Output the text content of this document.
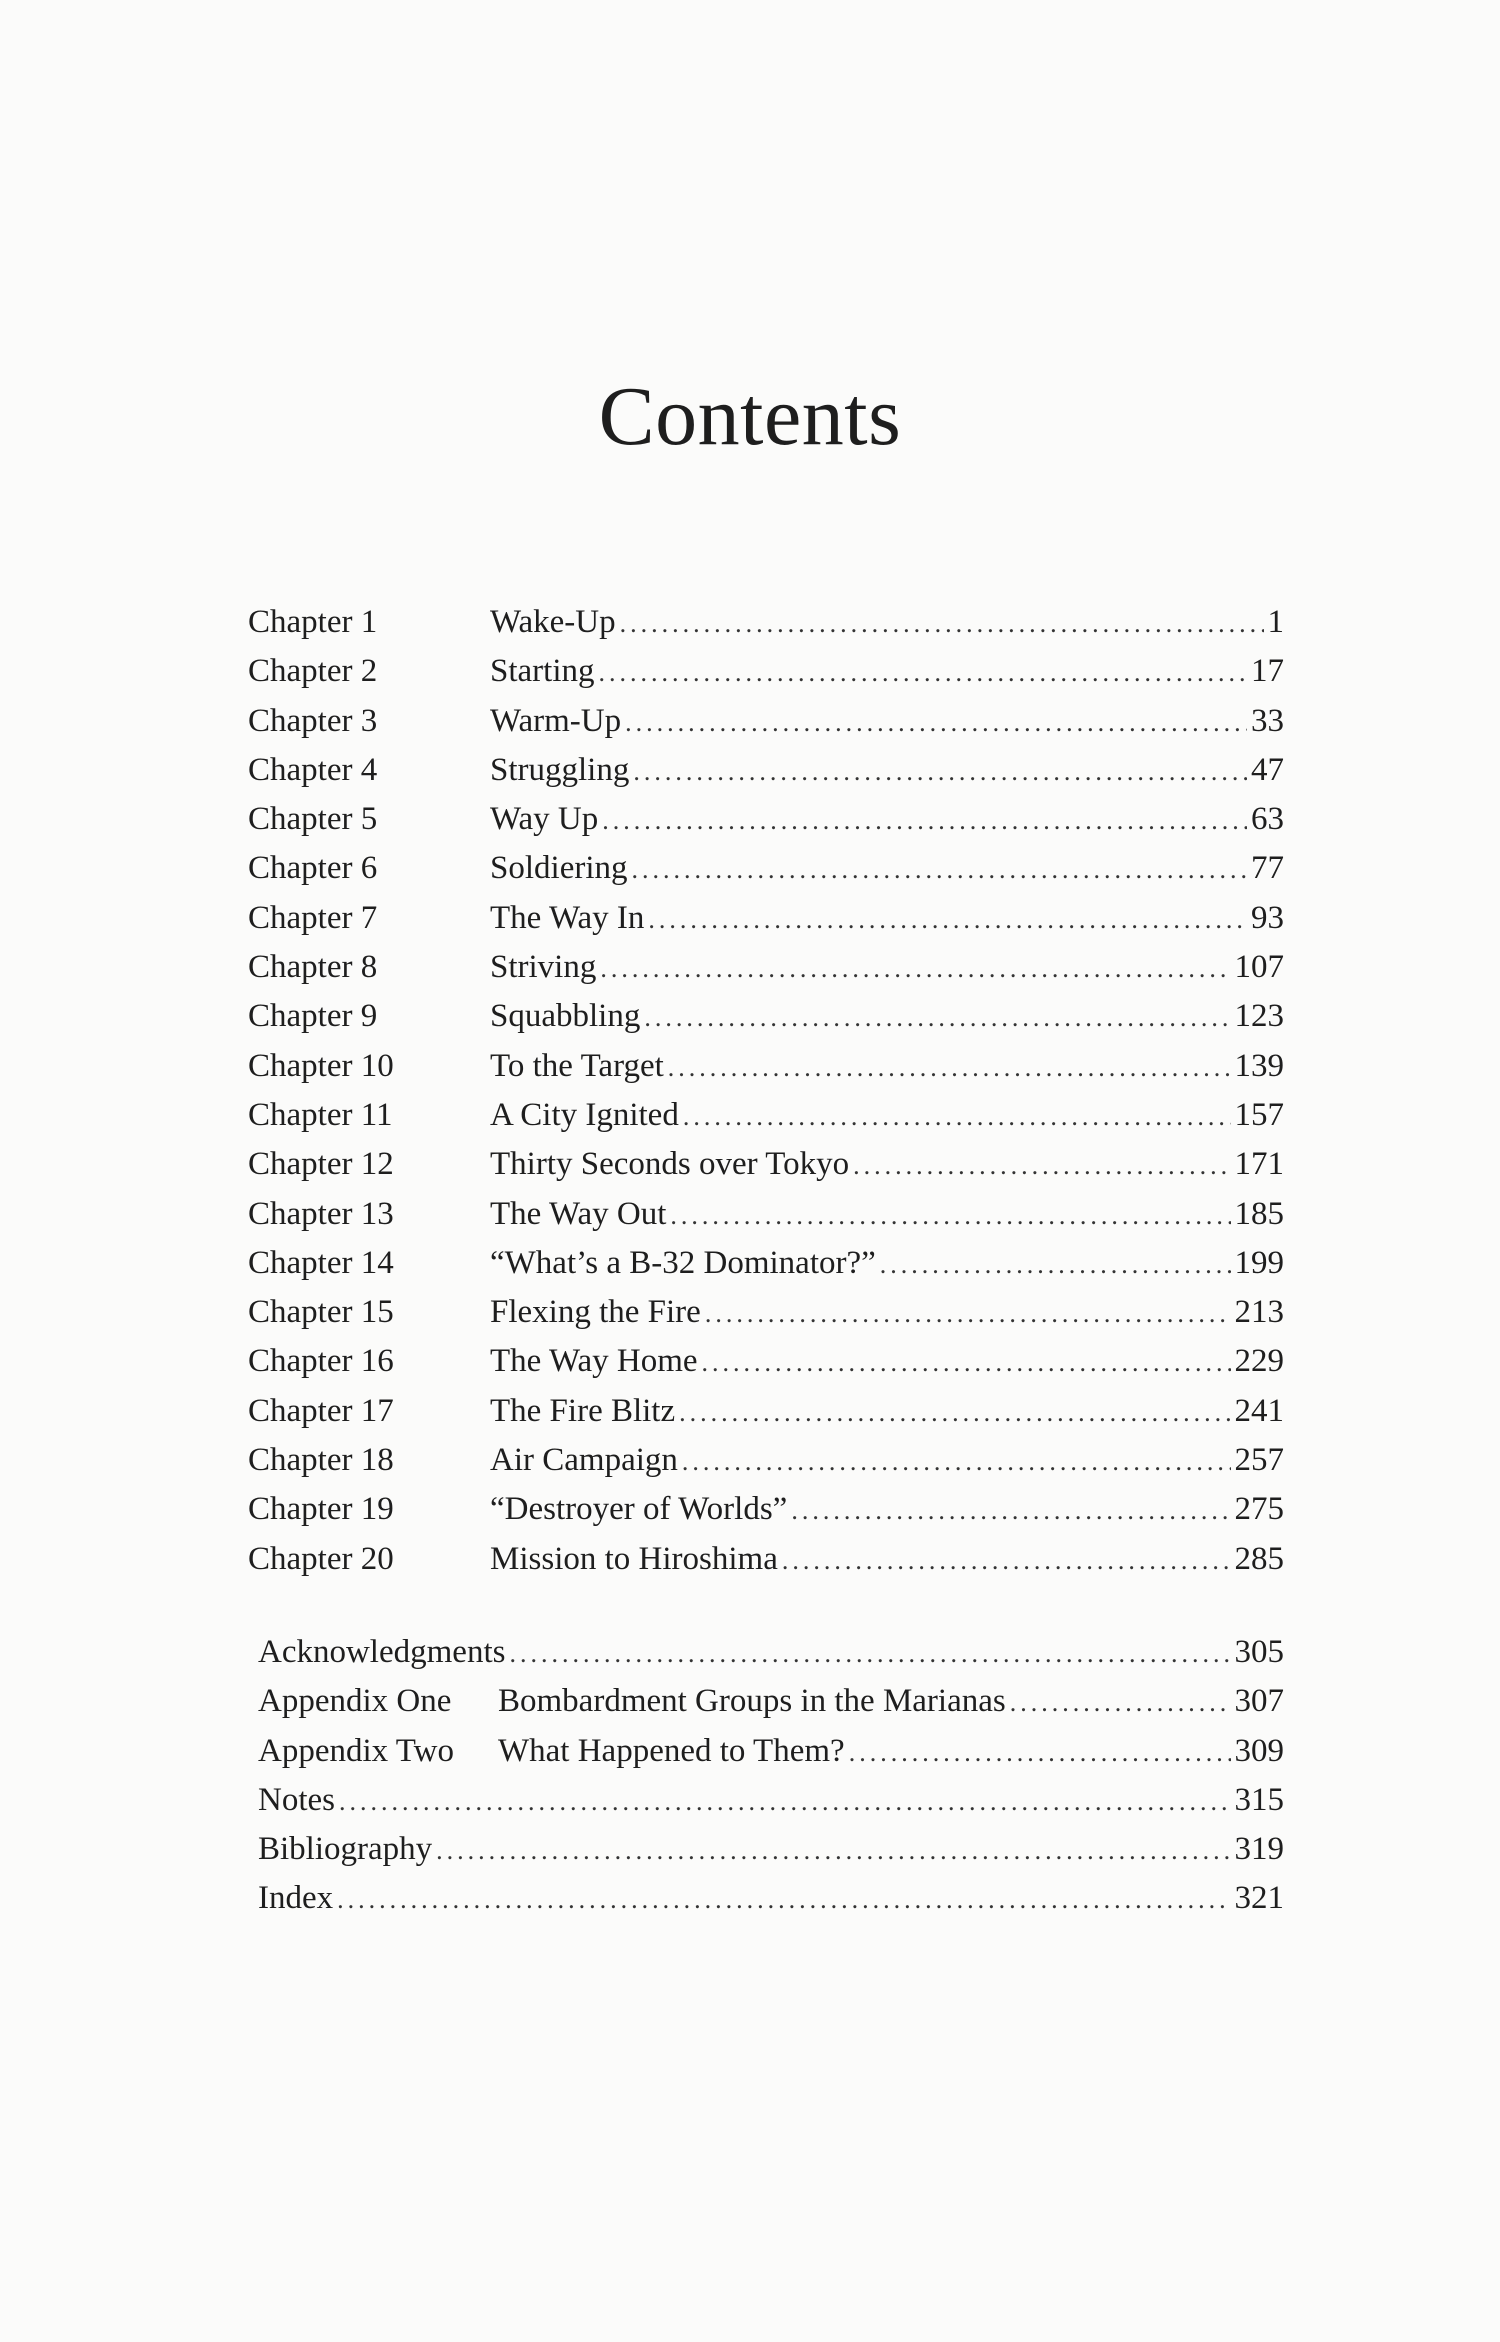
Contents
Chapter 1	Wake-Up .....	1
Chapter 2	Starting .....	17
Chapter 3	Warm-Up .....	33
Chapter 4	Struggling .....	47
Chapter 5	Way Up .....	63
Chapter 6	Soldiering .....	77
Chapter 7	The Way In .....	93
Chapter 8	Striving .....	107
Chapter 9	Squabbling .....	123
Chapter 10	To the Target .....	139
Chapter 11	A City Ignited .....	157
Chapter 12	Thirty Seconds over Tokyo .....	171
Chapter 13	The Way Out .....	185
Chapter 14	“What’s a B-32 Dominator?” .....	199
Chapter 15	Flexing the Fire .....	213
Chapter 16	The Way Home .....	229
Chapter 17	The Fire Blitz .....	241
Chapter 18	Air Campaign .....	257
Chapter 19	“Destroyer of Worlds” .....	275
Chapter 20	Mission to Hiroshima .....	285
Acknowledgments .....	305
Appendix One	Bombardment Groups in the Marianas .....	307
Appendix Two	What Happened to Them? .....	309
Notes .....	315
Bibliography .....	319
Index .....	321
